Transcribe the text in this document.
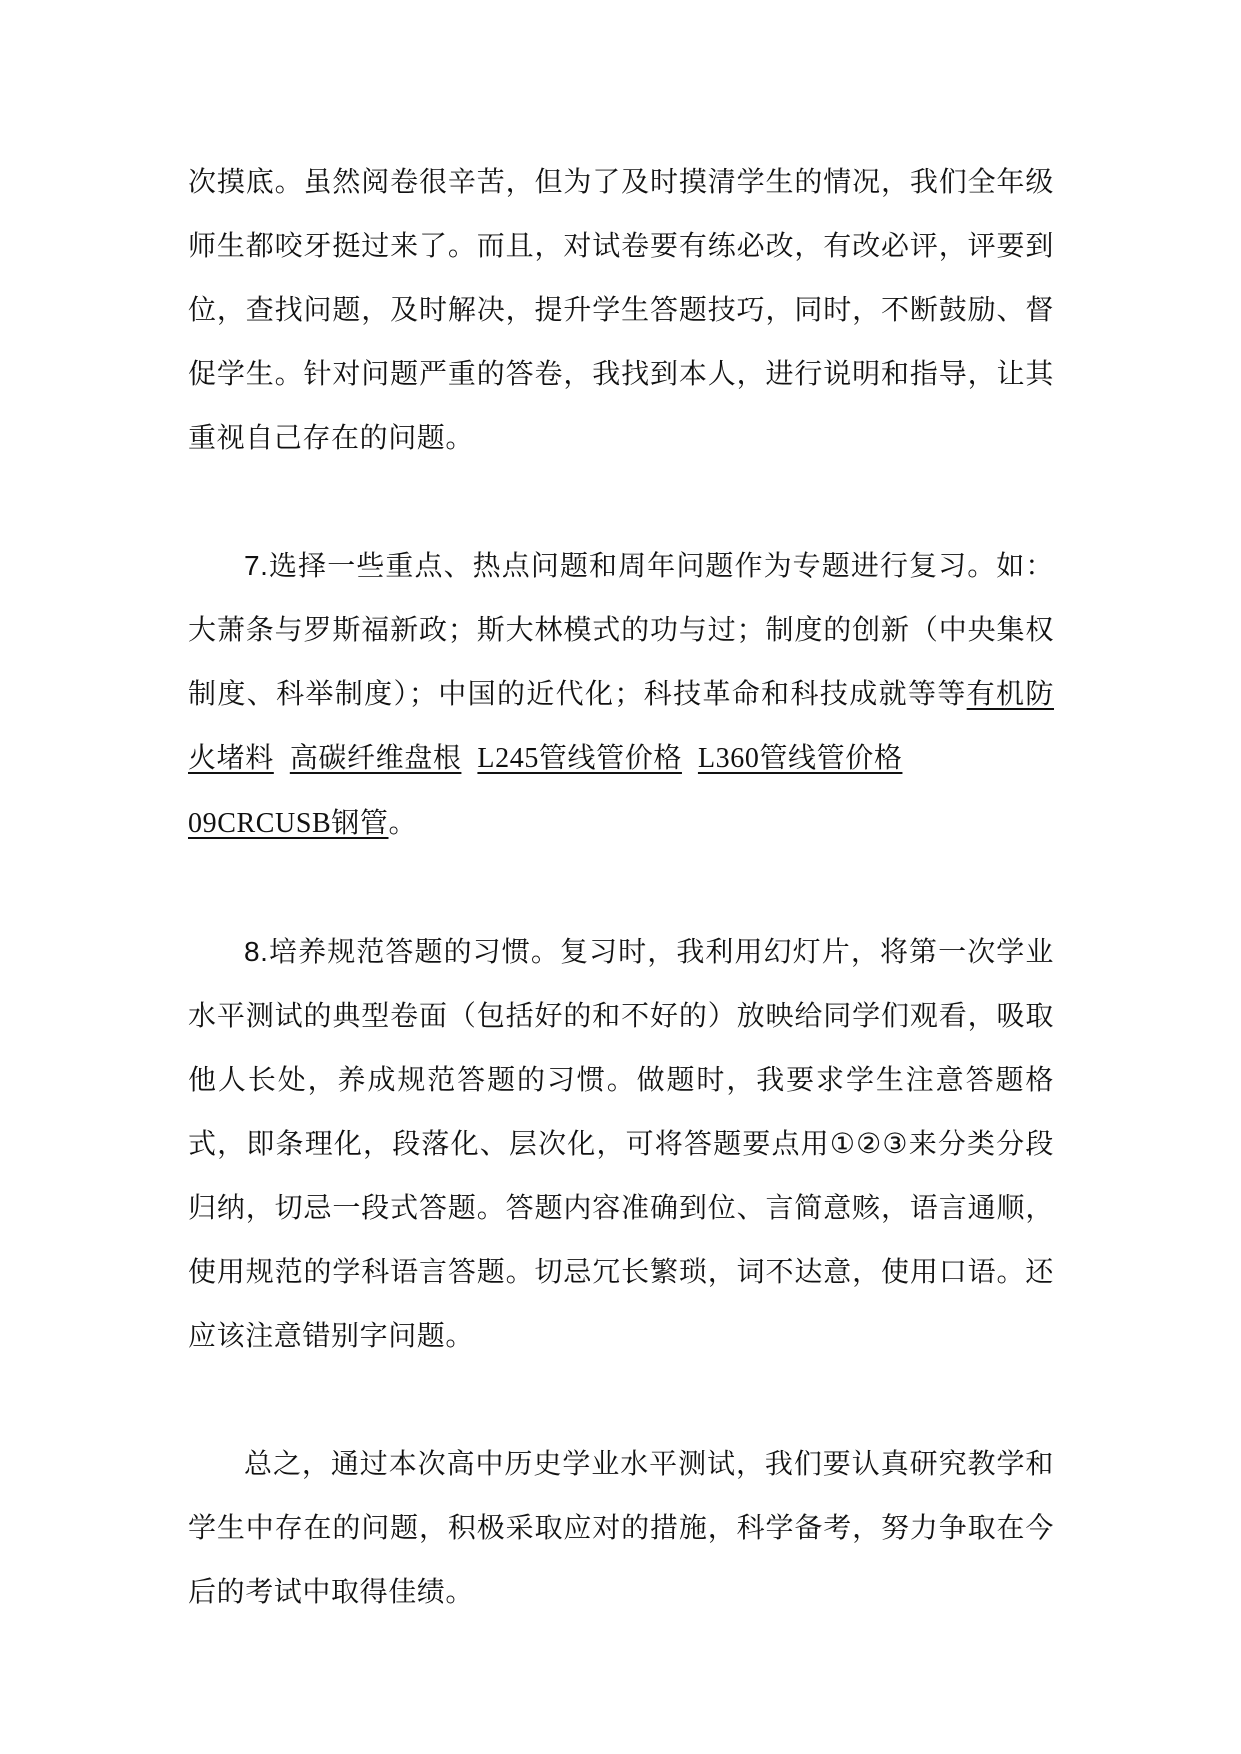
次摸底。虽然阅卷很辛苦，但为了及时摸清学生的情况，我们全年级师生都咬牙挺过来了。而且，对试卷要有练必改，有改必评，评要到位，查找问题，及时解决，提升学生答题技巧，同时，不断鼓励、督促学生。针对问题严重的答卷，我找到本人，进行说明和指导，让其重视自己存在的问题。

7.选择一些重点、热点问题和周年问题作为专题进行复习。如：大萧条与罗斯福新政；斯大林模式的功与过；制度的创新（中央集权制度、科举制度）；中国的近代化；科技革命和科技成就等等有机防火堵料 高碳纤维盘根 L245管线管价格 L360管线管价格
09CRCUSB钢管。

8.培养规范答题的习惯。复习时，我利用幻灯片，将第一次学业水平测试的典型卷面（包括好的和不好的）放映给同学们观看，吸取他人长处，养成规范答题的习惯。做题时，我要求学生注意答题格式，即条理化，段落化、层次化，可将答题要点用①②③来分类分段归纳，切忌一段式答题。答题内容准确到位、言简意赅，语言通顺，使用规范的学科语言答题。切忌冗长繁琐，词不达意，使用口语。还应该注意错别字问题。

总之，通过本次高中历史学业水平测试，我们要认真研究教学和学生中存在的问题，积极采取应对的措施，科学备考，努力争取在今后的考试中取得佳绩。
